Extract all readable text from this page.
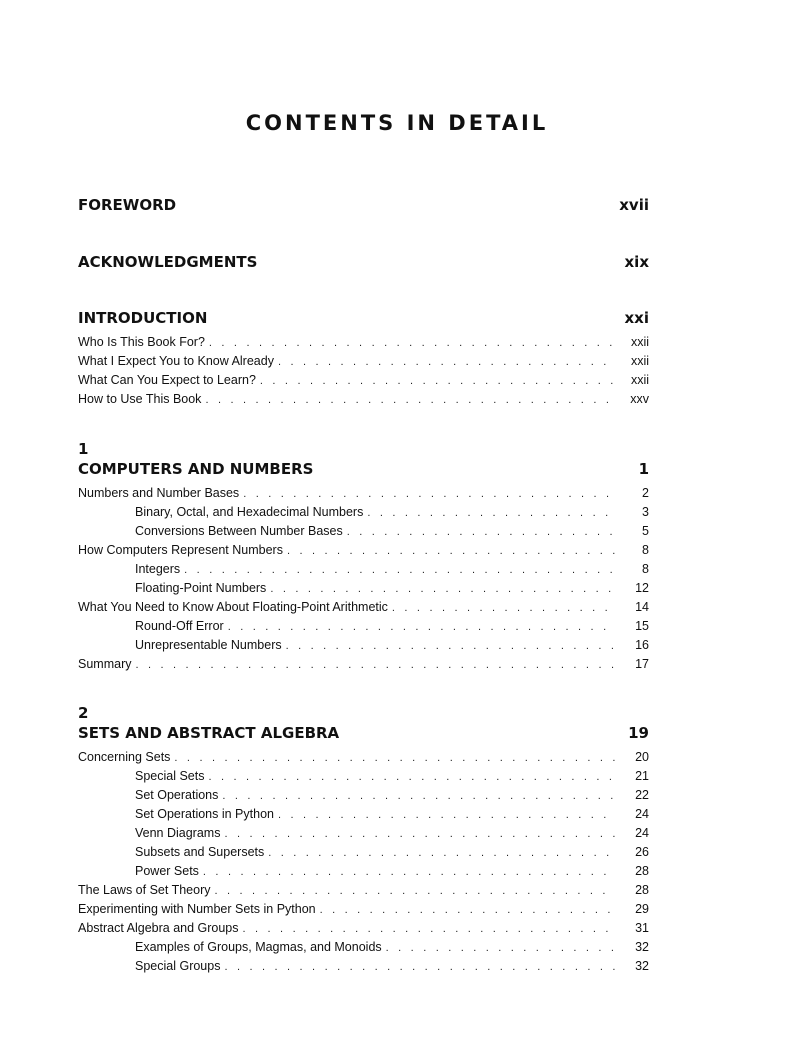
CONTENTS IN DETAIL
FOREWORD	xvii
ACKNOWLEDGMENTS	xix
INTRODUCTION	xxi
Who Is This Book For? . . .	xxii
What I Expect You to Know Already . . .	xxii
What Can You Expect to Learn? . . .	xxii
How to Use This Book . . .	xxv
1
COMPUTERS AND NUMBERS	1
Numbers and Number Bases . . .	2
Binary, Octal, and Hexadecimal Numbers . . .	3
Conversions Between Number Bases . . .	5
How Computers Represent Numbers . . .	8
Integers . . .	8
Floating-Point Numbers . . .	12
What You Need to Know About Floating-Point Arithmetic . . .	14
Round-Off Error . . .	15
Unrepresentable Numbers . . .	16
Summary . . .	17
2
SETS AND ABSTRACT ALGEBRA	19
Concerning Sets . . .	20
Special Sets . . .	21
Set Operations . . .	22
Set Operations in Python . . .	24
Venn Diagrams . . .	24
Subsets and Supersets . . .	26
Power Sets . . .	28
The Laws of Set Theory . . .	28
Experimenting with Number Sets in Python . . .	29
Abstract Algebra and Groups . . .	31
Examples of Groups, Magmas, and Monoids . . .	32
Special Groups . . .	32
